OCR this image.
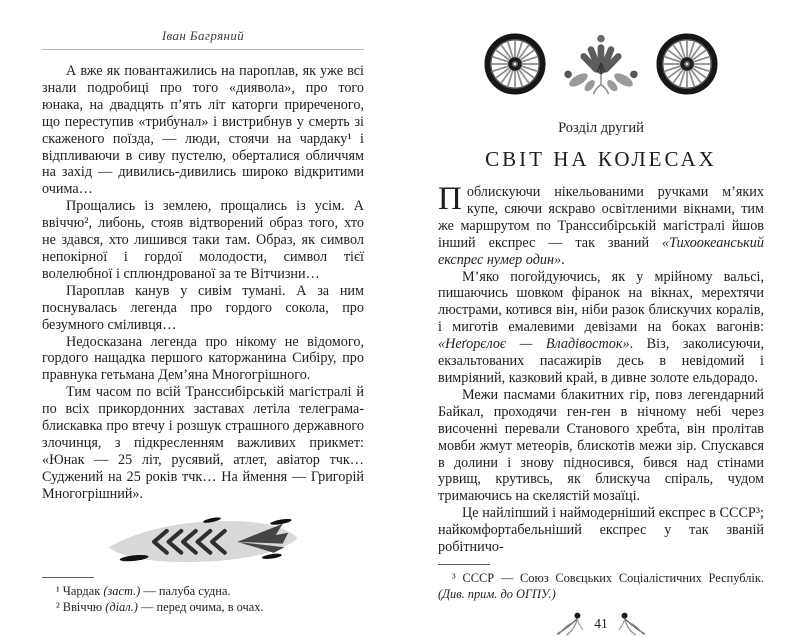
Іван Багряний

А вже як повантажились на пароплав, як уже всі знали подробиці про того «диявола», про того юнака, на двадцять п’ять літ каторги приреченого, що переступив «трибунал» і вистрибнув у смерть зі скаженого поїзда, — люди, стоячи на чардаку¹ і відпливаючи в сиву пустелю, оберталися обличчям на захід — дивились-дивились широко відкритими очима…

Прощались із землею, прощались із усім. А ввіччю², либонь, стояв відтворений образ того, хто не здався, хто лишився таки там. Образ, як символ непокірної і гордої молодости, символ тієї волелюбної і сплюндрованої за те Вітчизни…

Пароплав канув у сивім тумані. А за ним поснувалась легенда про гордого сокола, про безумного сміливця…

Недосказана легенда про нікому не відомого, гордого нащадка першого каторжанина Сибіру, про правнука гетьмана Дем’яна Многогрішного.

Тим часом по всій Транссибірській магістралі й по всіх прикордонних заставах летіла телеграма-блискавка про втечу і розшук страшного державного злочинця, з підкресленням важливих прикмет: «Юнак — 25 літ, русявий, атлет, авіатор тчк… Суджений на 25 років тчк… На ймення — Григорій Многогрішний».

¹ Чардак (заст.) — палуба судна.

² Ввіччю (діал.) — перед очима, в очах.

Розділ другий
СВІТ НА КОЛЕСАХ

Поблискуючи нікельованими ручками м’яких купе, сяючи яскраво освітленими вікнами, тим же маршрутом по Транссибірській магістралі йшов інший експрес — так званий «Тихоокеанський експрес нумер один».

М’яко погойдуючись, як у мрійному вальсі, пишаючись шовком фіранок на вікнах, мерехтячи люстрами, котився він, ніби разок блискучих коралів, і миготів емалевими девізами на боках вагонів: «Неґорєлоє — Владівосток». Віз, заколисуючи, екзальтованих пасажирів десь в невідомий і вимріяний, казковий край, в дивне золоте ельдорадо.

Межи пасмами блакитних гір, повз легендарний Байкал, проходячи ген-ген в нічному небі через височенні перевали Станового хребта, він пролітав мовби жмут метеорів, блискотів межи зір. Спускався в долини і знову підносився, бився над стінами урвищ, крутивсь, як блискуча спіраль, чудом тримаючись на скелястій мозаїці.

Це найліпший і наймодерніший експрес в СССР³; найкомфортабельніший експрес у так званій робітничо-

³ СССР — Союз Совєцьких Соціалістичних Республік. (Див. прим. до ОГПУ.)

41
